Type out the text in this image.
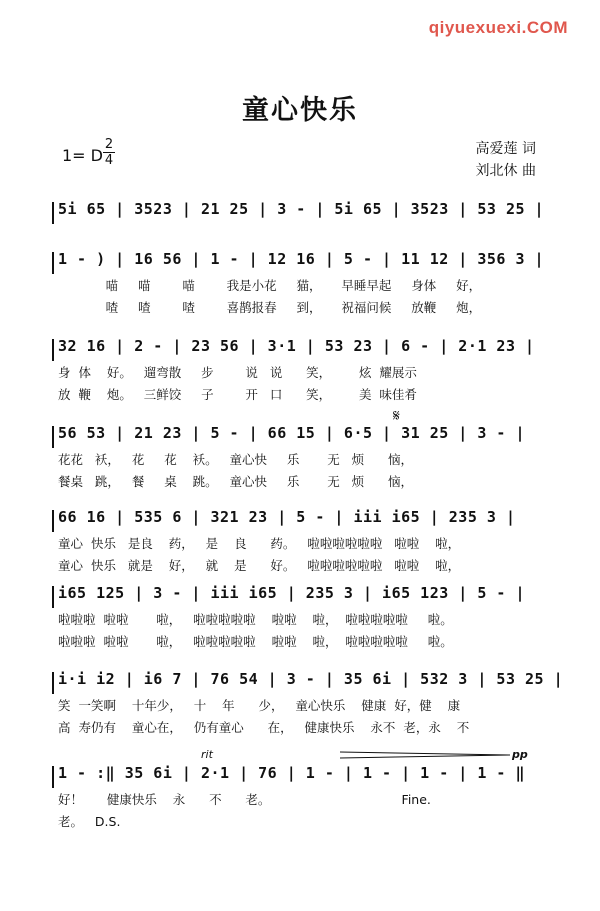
qiyuexuexi.COM
童心快乐
1= D
2
4
高爱莲 词
刘北休 曲
5i 65 | 3523 | 21 25 | 3 - | 5i 65 | 3523 | 53 25 |
1 - ) | 16 56 | 1 - | 12 16 | 5 - | 11 12 | 356 3 |
喵     喵        喵        我是小花     猫，     早睡早起     身体     好，
喳     喳        喳        喜鹊报春     到，     祝福问候     放鞭     炮，
32 16 | 2 - | 23 56 | 3·1 | 53 23 | 6 - | 2·1 23 |
身  体    好。   遛弯散     步        说   说      笑，       炫  耀展示
放  鞭    炮。   三鲜饺     子        开   口      笑，       美  味佳肴
56 53 | 21 23 | 5 - | 66 15 | 6·5 | 31 25 | 3 - |
花花   袄，   花     花    袄。   童心快     乐       无   烦      恼，
餐桌   跳，   餐     桌    跳。   童心快     乐       无   烦      恼，
66 16 | 535 6 | 321 23 | 5 - | iii i65 | 235 3 |
童心  快乐   是良    药，   是    良      药。   啦啦啦啦啦啦   啦啦    啦，
童心  快乐   就是    好，   就    是      好。   啦啦啦啦啦啦   啦啦    啦，
i65 125 | 3 - | iii i65 | 235 3 | i65 123 | 5 - |
啦啦啦  啦啦       啦，   啦啦啦啦啦    啦啦    啦，  啦啦啦啦啦     啦。
啦啦啦  啦啦       啦，   啦啦啦啦啦    啦啦    啦，  啦啦啦啦啦     啦。
i·i i2 | i6 7 | 76 54 | 3 - | 35 6i | 532 3 | 53 25 |
笑  一笑啊    十年少，   十    年      少，   童心快乐    健康  好，健    康
高  寿仍有    童心在，   仍有童心      在，   健康快乐    永不  老，永    不
1 - :‖ 35 6i | 2·1 | 76 | 1 - | 1 - | 1 - | 1 - ‖
好！      健康快乐    永      不      老。                                 Fine.
老。   D.S.
𝄋
rit	pp
